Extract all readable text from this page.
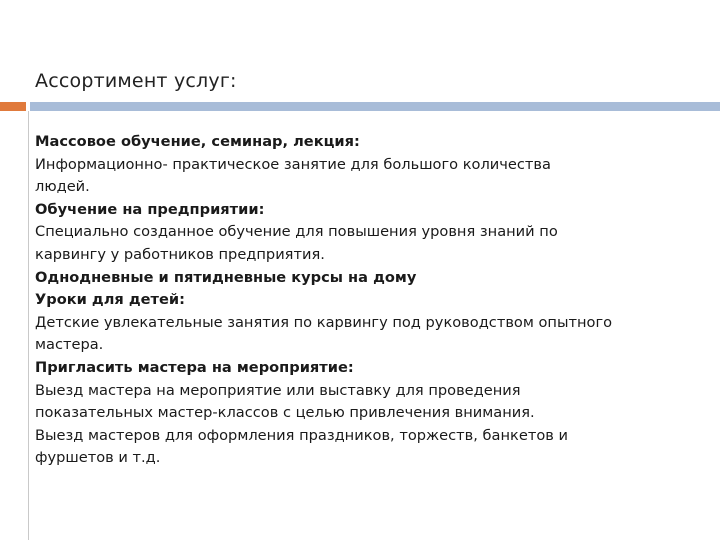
Ассортимент услуг:
Массовое обучение, семинар, лекция:
Информационно- практическое занятие для большого количества
людей.
Обучение на предприятии:
Специально созданное обучение для повышения уровня знаний по
карвингу у работников предприятия.
Однодневные и пятидневные курсы на дому
Уроки для детей:
Детские увлекательные занятия по карвингу под руководством опытного
мастера.
Пригласить мастера на мероприятие:
Выезд мастера на мероприятие или выставку для проведения
показательных мастер-классов с целью привлечения внимания.
Выезд мастеров для оформления праздников, торжеств, банкетов и
фуршетов и т.д.
